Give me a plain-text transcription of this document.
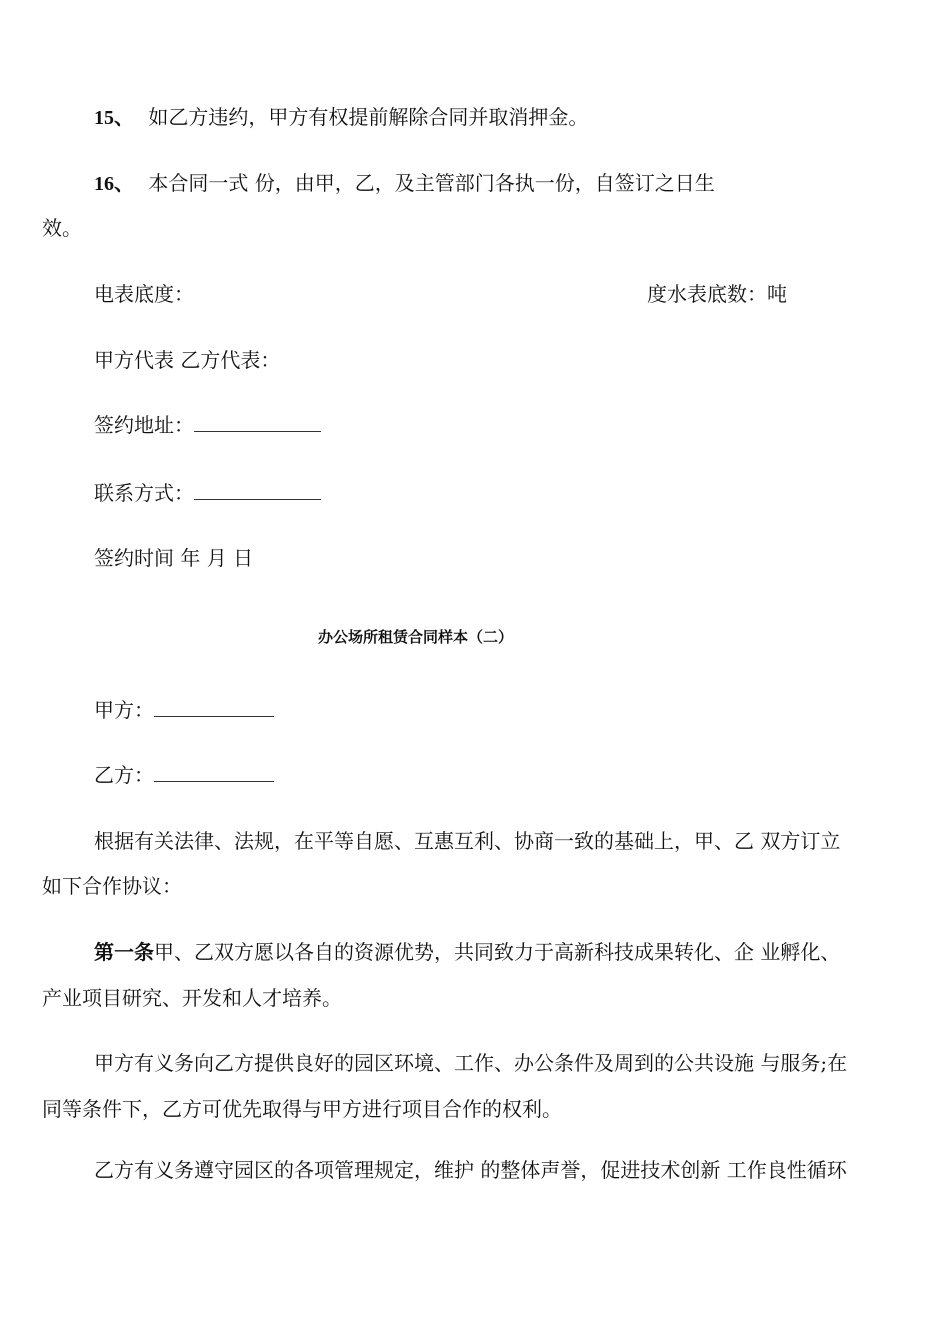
15、 如乙方违约，甲方有权提前解除合同并取消押金。
16、 本合同一式 份，由甲，乙，及主管部门各执一份，自签订之日生
效。
电表底度：	度水表底数：吨
甲方代表 乙方代表：
签约地址：
联系方式：
签约时间 年 月 日
办公场所租赁合同样本（二）
甲方：
乙方：
根据有关法律、法规，在平等自愿、互惠互利、协商一致的基础上，甲、乙 双方订立
如下合作协议：
第一条甲、乙双方愿以各自的资源优势，共同致力于高新科技成果转化、企 业孵化、
产业项目研究、开发和人才培养。
甲方有义务向乙方提供良好的园区环境、工作、办公条件及周到的公共设施 与服务;在
同等条件下，乙方可优先取得与甲方进行项目合作的权利。
乙方有义务遵守园区的各项管理规定，维护 的整体声誉，促进技术创新 工作良性循环
